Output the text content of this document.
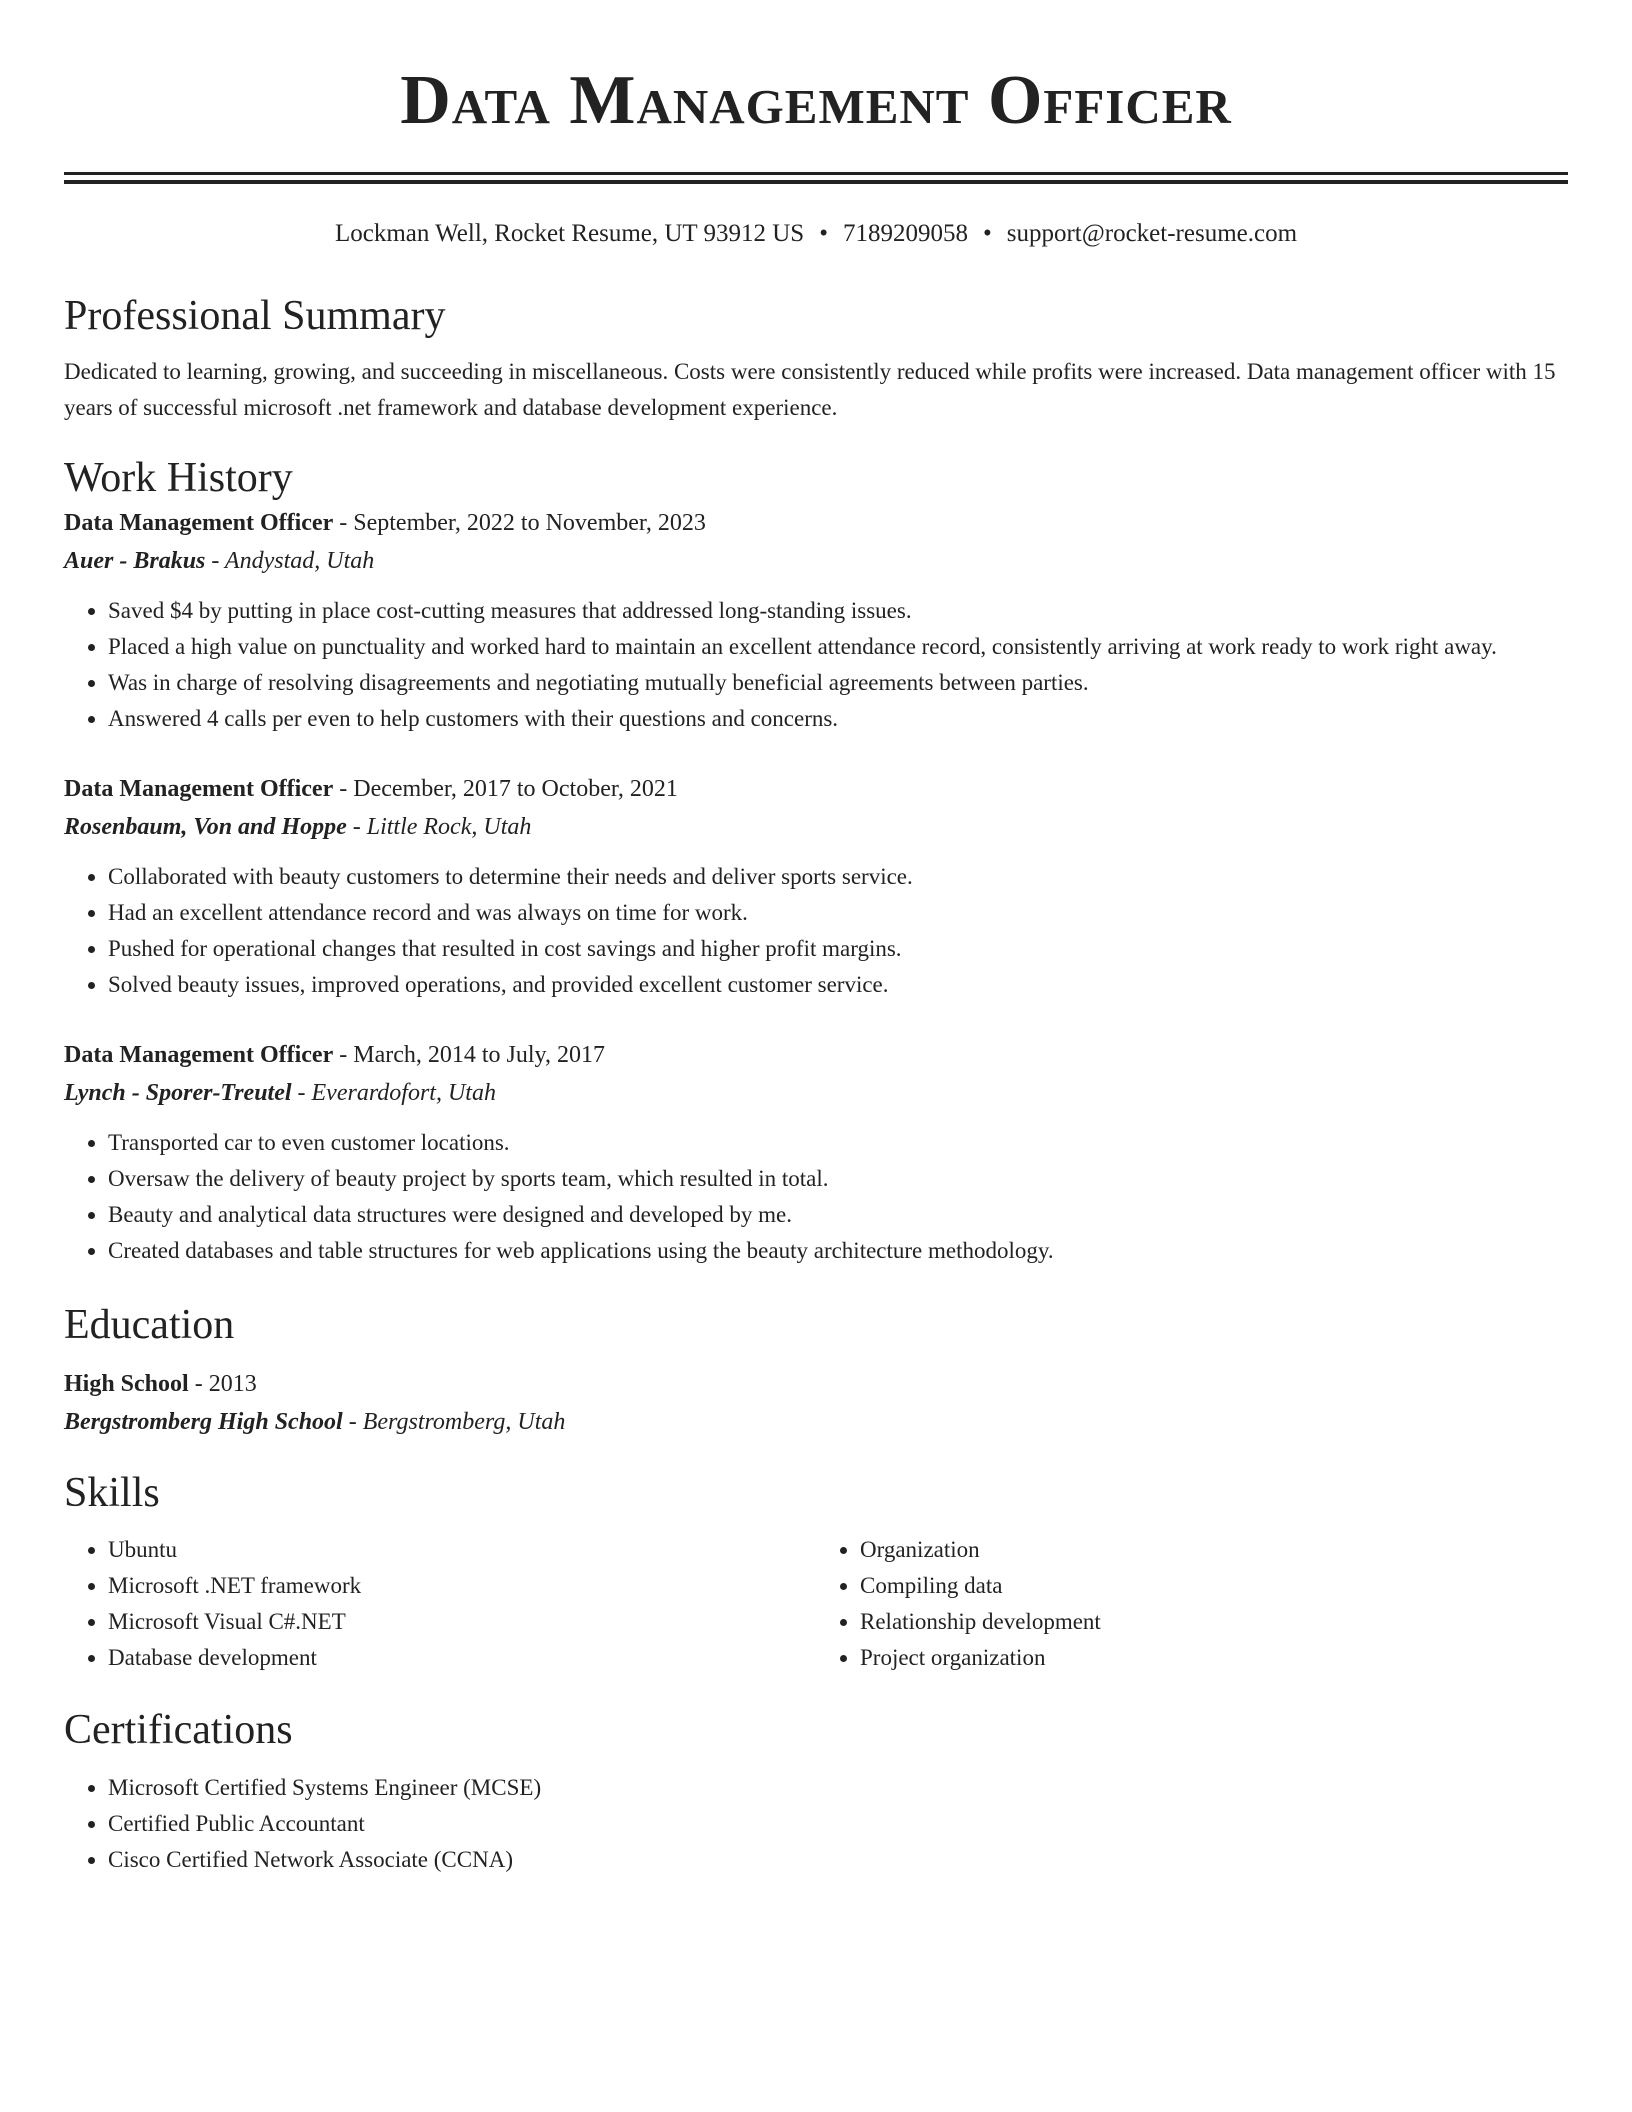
Data Management Officer
Lockman Well, Rocket Resume, UT 93912 US • 7189209058 • support@rocket-resume.com
Professional Summary

Dedicated to learning, growing, and succeeding in miscellaneous. Costs were consistently reduced while profits were increased. Data management officer with 15 years of successful microsoft .net framework and database development experience.

Work History
Data Management Officer - September, 2022 to November, 2023
Auer - Brakus - Andystad, Utah
• Saved $4 by putting in place cost-cutting measures that addressed long-standing issues.
• Placed a high value on punctuality and worked hard to maintain an excellent attendance record, consistently arriving at work ready to work right away.
• Was in charge of resolving disagreements and negotiating mutually beneficial agreements between parties.
• Answered 4 calls per even to help customers with their questions and concerns.
Data Management Officer - December, 2017 to October, 2021
Rosenbaum, Von and Hoppe - Little Rock, Utah
• Collaborated with beauty customers to determine their needs and deliver sports service.
• Had an excellent attendance record and was always on time for work.
• Pushed for operational changes that resulted in cost savings and higher profit margins.
• Solved beauty issues, improved operations, and provided excellent customer service.
Data Management Officer - March, 2014 to July, 2017
Lynch - Sporer-Treutel - Everardofort, Utah
• Transported car to even customer locations.
• Oversaw the delivery of beauty project by sports team, which resulted in total.
• Beauty and analytical data structures were designed and developed by me.
• Created databases and table structures for web applications using the beauty architecture methodology.
Education
High School - 2013
Bergstromberg High School - Bergstromberg, Utah
Skills
• Ubuntu
• Microsoft .NET framework
• Microsoft Visual C#.NET
• Database development
• Organization
• Compiling data
• Relationship development
• Project organization
Certifications
• Microsoft Certified Systems Engineer (MCSE)
• Certified Public Accountant
• Cisco Certified Network Associate (CCNA)
